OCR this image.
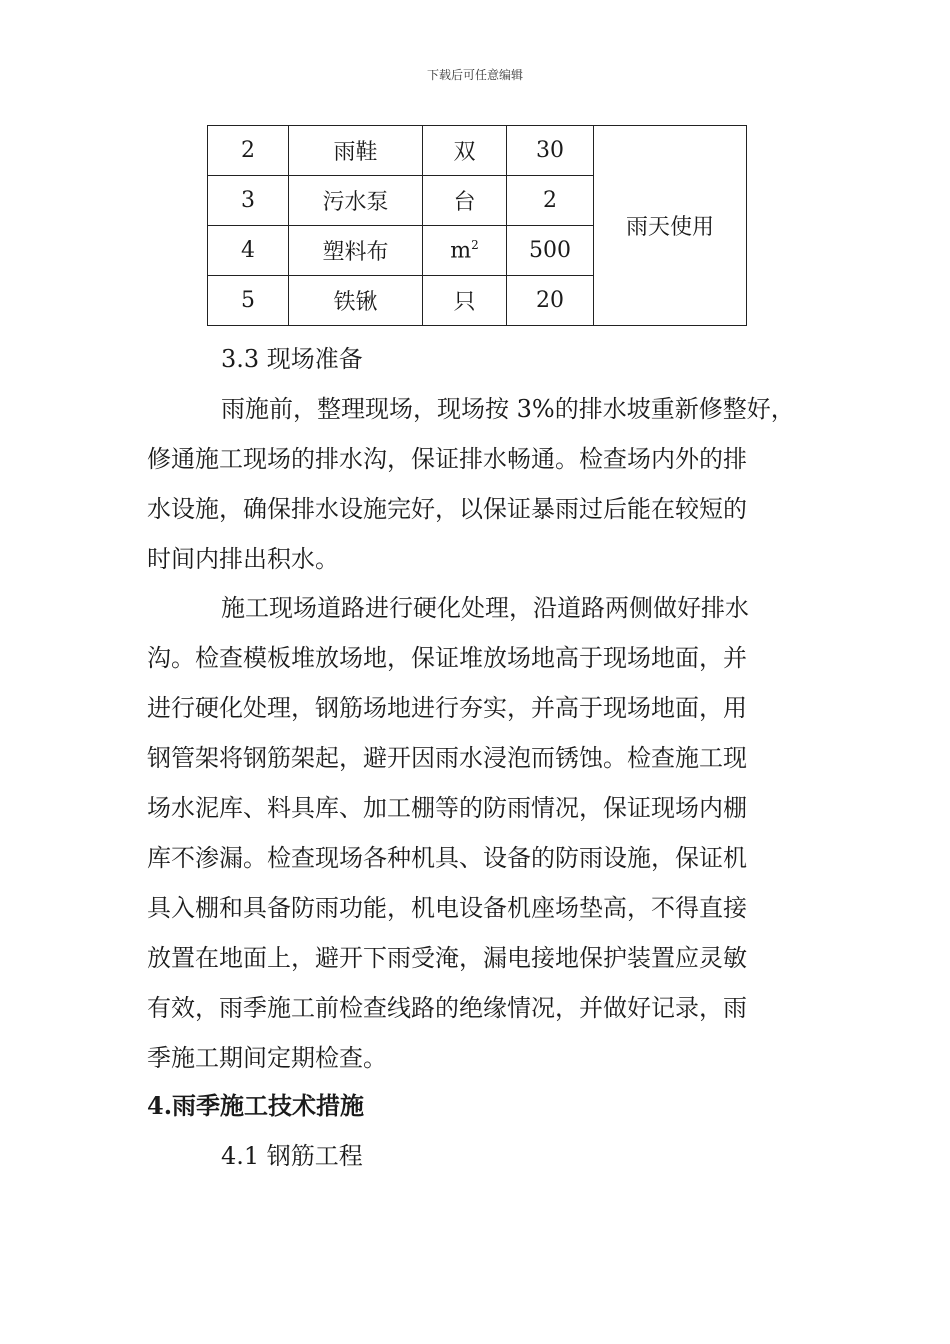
下载后可任意编辑
2	雨鞋	双	30	雨天使用
3	污水泵	台	2	
4	塑料布	$m^2$	500	
5	铁锹	只	20	
3.3 现场准备
雨施前，整理现场，现场按 3%的排水坡重新修整好，
修通施工现场的排水沟，保证排水畅通。检查场内外的排
水设施，确保排水设施完好，以保证暴雨过后能在较短的
时间内排出积水。
施工现场道路进行硬化处理，沿道路两侧做好排水
沟。检查模板堆放场地，保证堆放场地高于现场地面，并
进行硬化处理，钢筋场地进行夯实，并高于现场地面，用
钢管架将钢筋架起，避开因雨水浸泡而锈蚀。检查施工现
场水泥库、料具库、加工棚等的防雨情况，保证现场内棚
库不渗漏。检查现场各种机具、设备的防雨设施，保证机
具入棚和具备防雨功能，机电设备机座场垫高，不得直接
放置在地面上，避开下雨受淹，漏电接地保护装置应灵敏
有效，雨季施工前检查线路的绝缘情况，并做好记录，雨
季施工期间定期检查。
4.雨季施工技术措施
4.1 钢筋工程
